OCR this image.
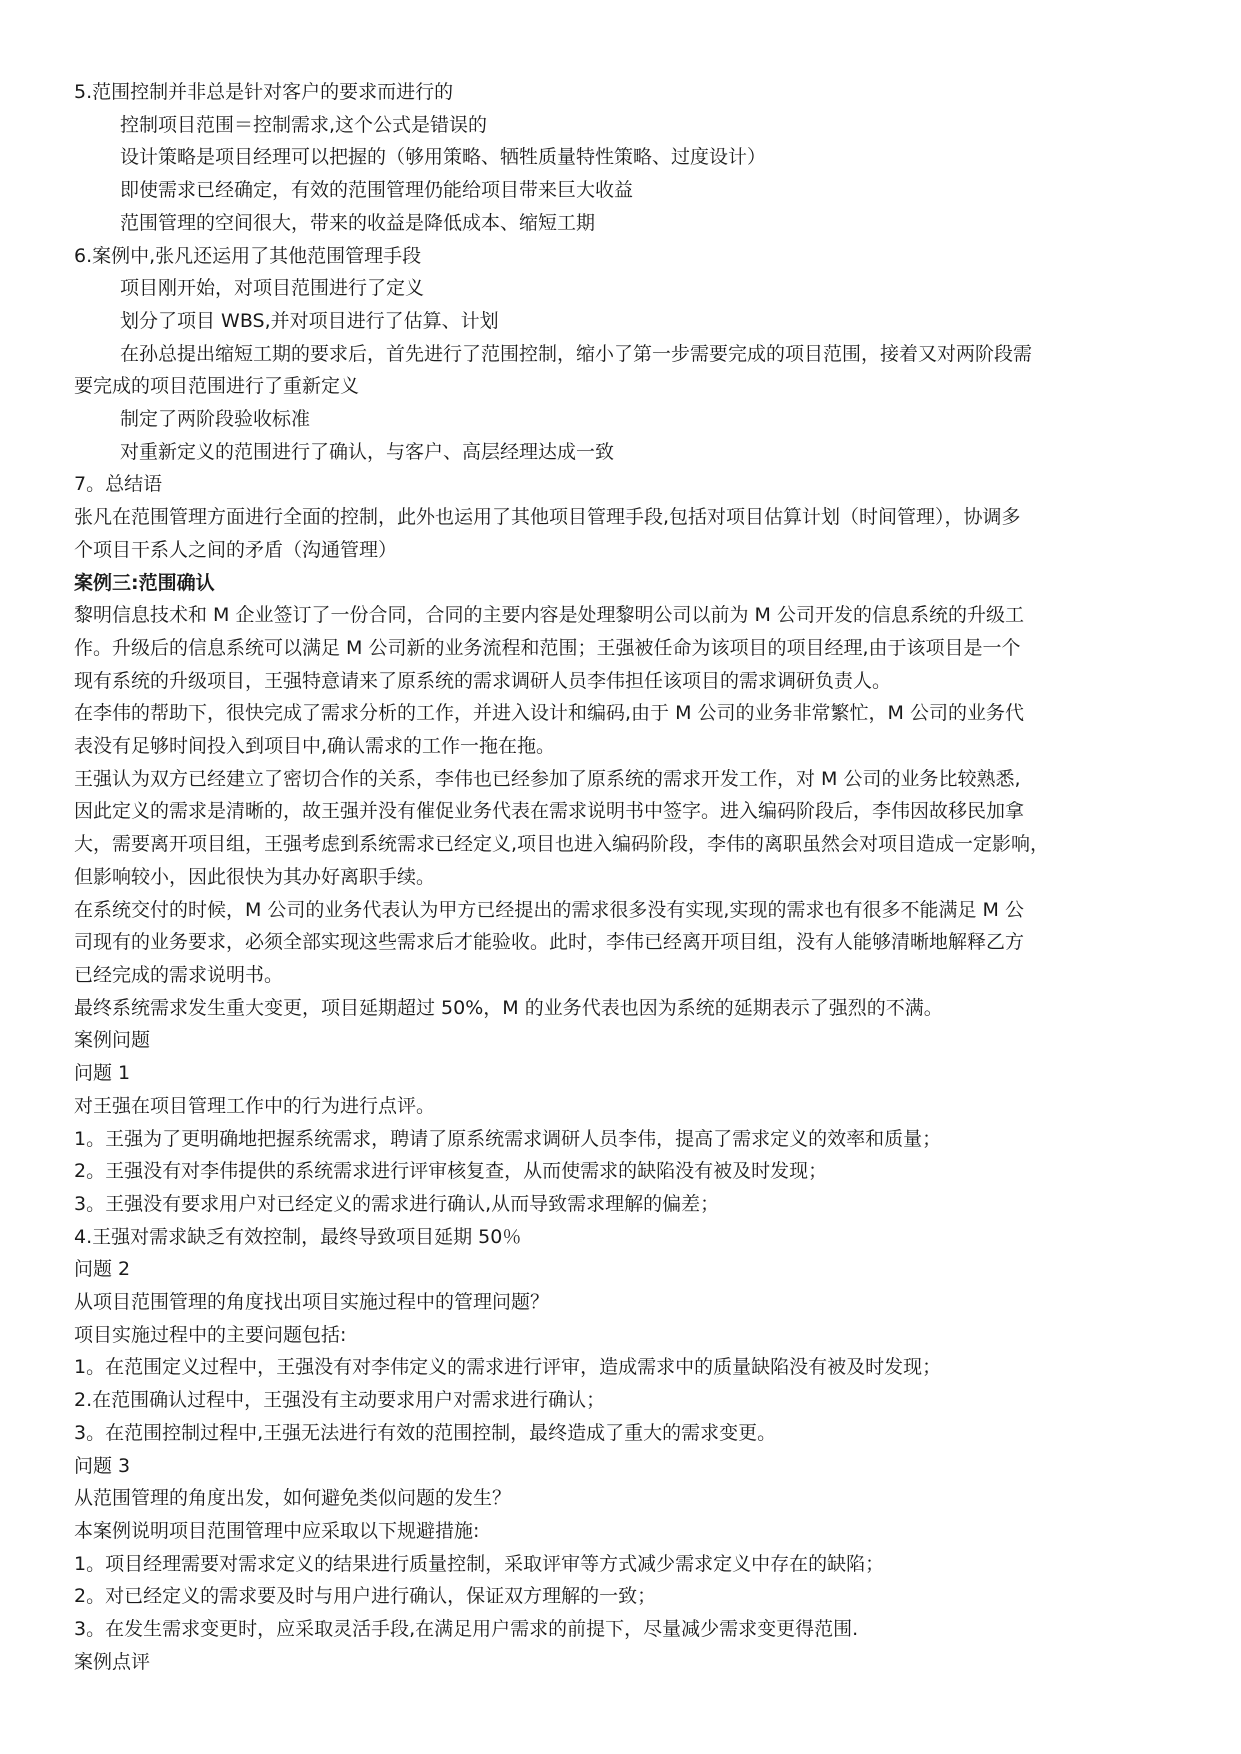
5.范围控制并非总是针对客户的要求而进行的
控制项目范围＝控制需求,这个公式是错误的
设计策略是项目经理可以把握的（够用策略、牺牲质量特性策略、过度设计）
即使需求已经确定，有效的范围管理仍能给项目带来巨大收益
范围管理的空间很大，带来的收益是降低成本、缩短工期
6.案例中,张凡还运用了其他范围管理手段
项目刚开始，对项目范围进行了定义
划分了项目 WBS,并对项目进行了估算、计划
在孙总提出缩短工期的要求后，首先进行了范围控制，缩小了第一步需要完成的项目范围，接着又对两阶段需
要完成的项目范围进行了重新定义
制定了两阶段验收标准
对重新定义的范围进行了确认，与客户、高层经理达成一致
7。总结语
张凡在范围管理方面进行全面的控制，此外也运用了其他项目管理手段,包括对项目估算计划（时间管理），协调多
个项目干系人之间的矛盾（沟通管理）
案例三:范围确认
黎明信息技术和 M 企业签订了一份合同，合同的主要内容是处理黎明公司以前为 M 公司开发的信息系统的升级工
作。升级后的信息系统可以满足 M 公司新的业务流程和范围；王强被任命为该项目的项目经理,由于该项目是一个
现有系统的升级项目，王强特意请来了原系统的需求调研人员李伟担任该项目的需求调研负责人。
在李伟的帮助下，很快完成了需求分析的工作，并进入设计和编码,由于 M 公司的业务非常繁忙，M 公司的业务代
表没有足够时间投入到项目中,确认需求的工作一拖在拖。
王强认为双方已经建立了密切合作的关系，李伟也已经参加了原系统的需求开发工作，对 M 公司的业务比较熟悉,
因此定义的需求是清晰的，故王强并没有催促业务代表在需求说明书中签字。进入编码阶段后，李伟因故移民加拿
大，需要离开项目组，王强考虑到系统需求已经定义,项目也进入编码阶段，李伟的离职虽然会对项目造成一定影响，
但影响较小，因此很快为其办好离职手续。
在系统交付的时候，M 公司的业务代表认为甲方已经提出的需求很多没有实现,实现的需求也有很多不能满足 M 公
司现有的业务要求，必须全部实现这些需求后才能验收。此时，李伟已经离开项目组，没有人能够清晰地解释乙方
已经完成的需求说明书。
最终系统需求发生重大变更，项目延期超过 50%，M 的业务代表也因为系统的延期表示了强烈的不满。
案例问题
问题 1
对王强在项目管理工作中的行为进行点评。
1。王强为了更明确地把握系统需求，聘请了原系统需求调研人员李伟，提高了需求定义的效率和质量；
2。王强没有对李伟提供的系统需求进行评审核复查，从而使需求的缺陷没有被及时发现；
3。王强没有要求用户对已经定义的需求进行确认,从而导致需求理解的偏差；
4.王强对需求缺乏有效控制，最终导致项目延期 50％
问题 2
从项目范围管理的角度找出项目实施过程中的管理问题？
项目实施过程中的主要问题包括:
1。在范围定义过程中，王强没有对李伟定义的需求进行评审，造成需求中的质量缺陷没有被及时发现；
2.在范围确认过程中，王强没有主动要求用户对需求进行确认；
3。在范围控制过程中,王强无法进行有效的范围控制，最终造成了重大的需求变更。
问题 3
从范围管理的角度出发，如何避免类似问题的发生？
本案例说明项目范围管理中应采取以下规避措施:
1。项目经理需要对需求定义的结果进行质量控制，采取评审等方式减少需求定义中存在的缺陷；
2。对已经定义的需求要及时与用户进行确认，保证双方理解的一致；
3。在发生需求变更时，应采取灵活手段,在满足用户需求的前提下，尽量减少需求变更得范围.
案例点评
